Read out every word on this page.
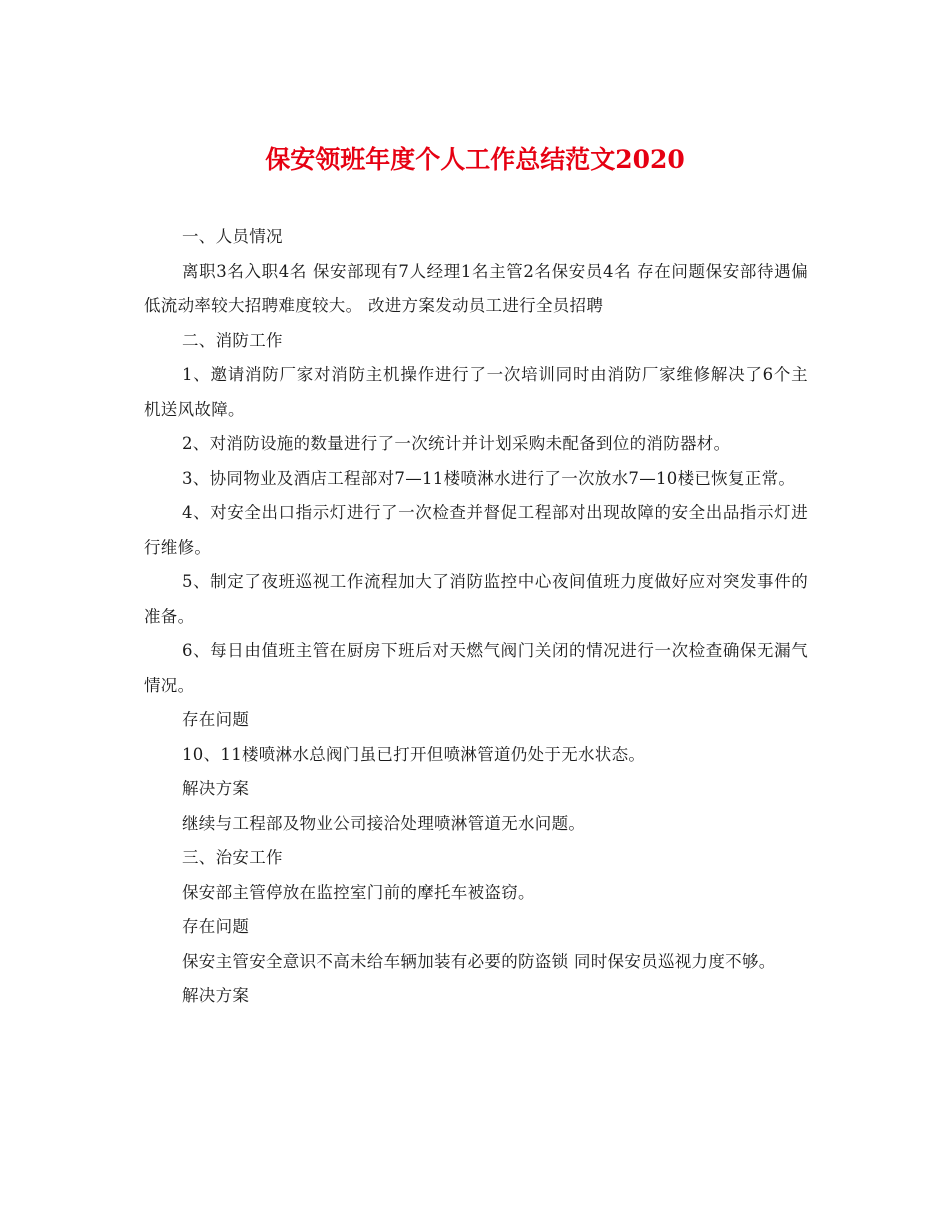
保安领班年度个人工作总结范文2020

一、人员情况

离职3名入职4名 保安部现有7人经理1名主管2名保安员4名 存在问题保安部待遇偏低流动率较大招聘难度较大。 改进方案发动员工进行全员招聘

二、消防工作

1、邀请消防厂家对消防主机操作进行了一次培训同时由消防厂家维修解决了6个主机送风故障。

2、对消防设施的数量进行了一次统计并计划采购未配备到位的消防器材。

3、协同物业及酒店工程部对7—11楼喷淋水进行了一次放水7—10楼已恢复正常。

4、对安全出口指示灯进行了一次检查并督促工程部对出现故障的安全出品指示灯进行维修。

5、制定了夜班巡视工作流程加大了消防监控中心夜间值班力度做好应对突发事件的准备。

6、每日由值班主管在厨房下班后对天燃气阀门关闭的情况进行一次检查确保无漏气情况。

存在问题

10、11楼喷淋水总阀门虽已打开但喷淋管道仍处于无水状态。

解决方案

继续与工程部及物业公司接洽处理喷淋管道无水问题。

三、治安工作

保安部主管停放在监控室门前的摩托车被盗窃。

存在问题

保安主管安全意识不高未给车辆加装有必要的防盗锁 同时保安员巡视力度不够。

解决方案
